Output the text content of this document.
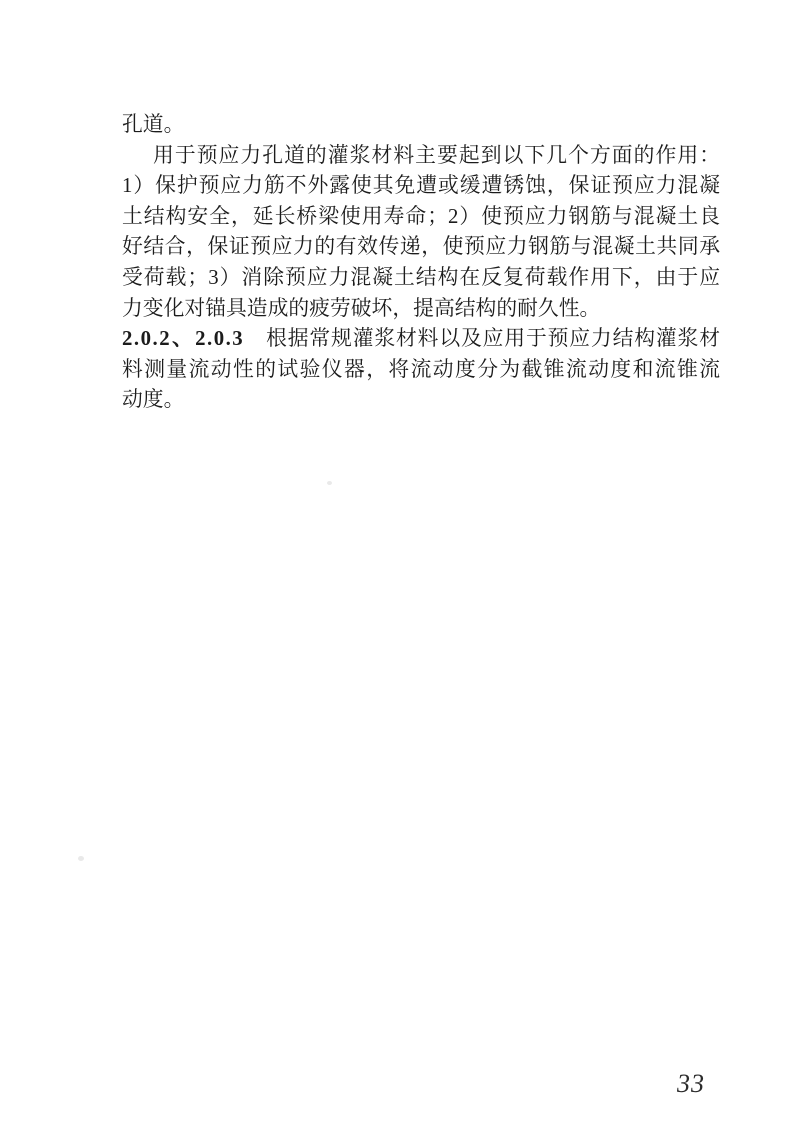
孔道。
用于预应力孔道的灌浆材料主要起到以下几个方面的作用：
1）保护预应力筋不外露使其免遭或缓遭锈蚀，保证预应力混凝
土结构安全，延长桥梁使用寿命；2）使预应力钢筋与混凝土良
好结合，保证预应力的有效传递，使预应力钢筋与混凝土共同承
受荷载；3）消除预应力混凝土结构在反复荷载作用下，由于应
力变化对锚具造成的疲劳破坏，提高结构的耐久性。
2.0.2、2.0.3 根据常规灌浆材料以及应用于预应力结构灌浆材
料测量流动性的试验仪器，将流动度分为截锥流动度和流锥流
动度。
33
